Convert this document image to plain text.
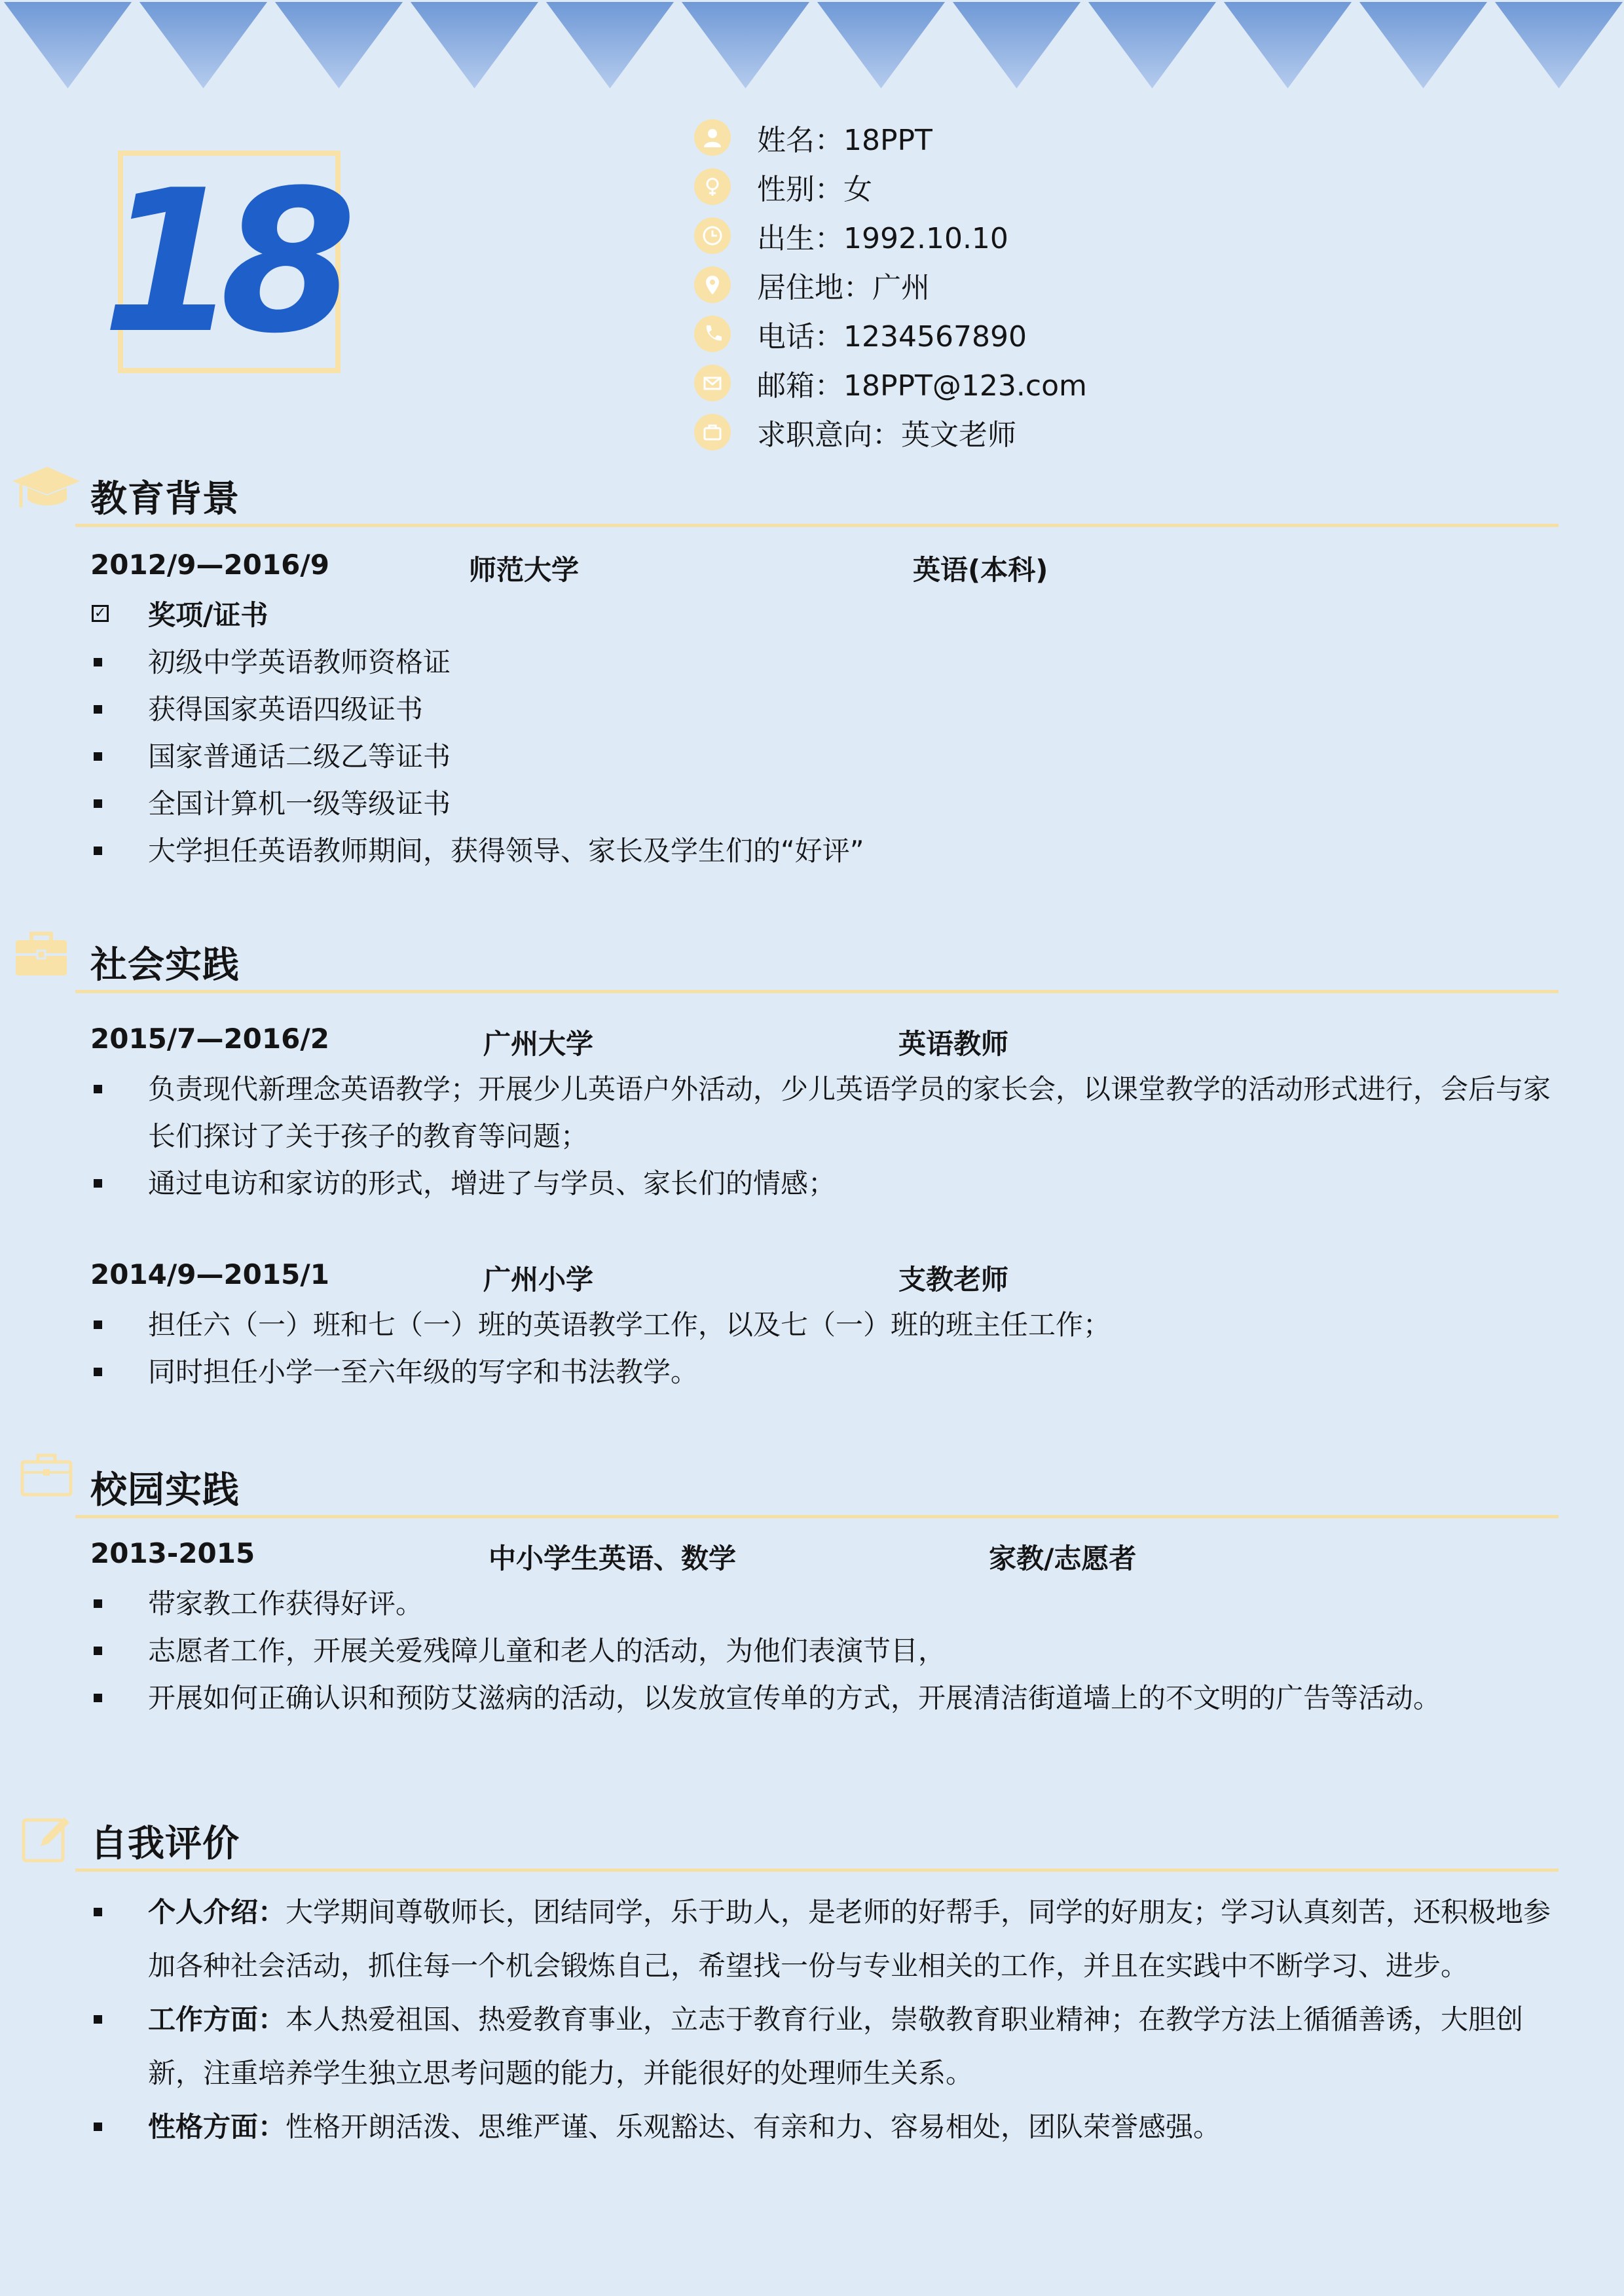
18
姓名：18PPT
性别：女
出生：1992.10.10
居住地：广州
电话：1234567890
邮箱：18PPT@123.com
求职意向：英文老师
教育背景
2012/9—2016/9	师范大学	英语(本科)
✓ 奖项/证书
初级中学英语教师资格证
获得国家英语四级证书
国家普通话二级乙等证书
全国计算机一级等级证书
大学担任英语教师期间，获得领导、家长及学生们的“好评”
社会实践
2015/7—2016/2	广州大学	英语教师
负责现代新理念英语教学；开展少儿英语户外活动，少儿英语学员的家长会，以课堂教学的活动形式进行，会后与家长们探讨了关于孩子的教育等问题；
通过电访和家访的形式，增进了与学员、家长们的情感；
2014/9—2015/1	广州小学	支教老师
担任六（一）班和七（一）班的英语教学工作，以及七（一）班的班主任工作；
同时担任小学一至六年级的写字和书法教学。
校园实践
2013-2015	中小学生英语、数学	家教/志愿者
带家教工作获得好评。
志愿者工作，开展关爱残障儿童和老人的活动，为他们表演节目，
开展如何正确认识和预防艾滋病的活动，以发放宣传单的方式，开展清洁街道墙上的不文明的广告等活动。
自我评价
个人介绍：大学期间尊敬师长，团结同学，乐于助人，是老师的好帮手，同学的好朋友；学习认真刻苦，还积极地参加各种社会活动，抓住每一个机会锻炼自己，希望找一份与专业相关的工作，并且在实践中不断学习、进步。
工作方面：本人热爱祖国、热爱教育事业，立志于教育行业，崇敬教育职业精神；在教学方法上循循善诱，大胆创新，注重培养学生独立思考问题的能力，并能很好的处理师生关系。
性格方面：性格开朗活泼、思维严谨、乐观豁达、有亲和力、容易相处，团队荣誉感强。
